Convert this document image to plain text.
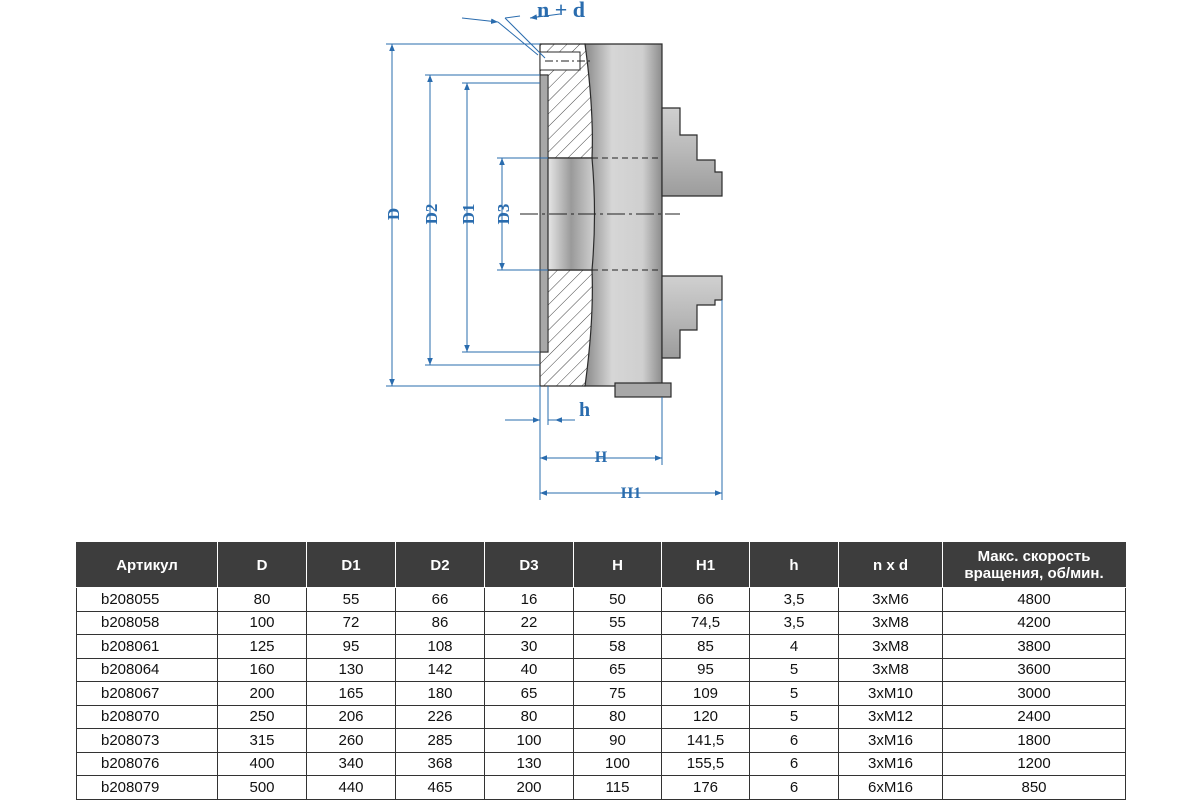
n + d
D D2 D1 D3
h
H
H1
Артикул	D	D1	D2	D3	H	H1	h	n x d	Макс. скорость вращения, об/мин.
b208055	80	55	66	16	50	66	3,5	3xM6	4800
b208058	100	72	86	22	55	74,5	3,5	3xM8	4200
b208061	125	95	108	30	58	85	4	3xM8	3800
b208064	160	130	142	40	65	95	5	3xM8	3600
b208067	200	165	180	65	75	109	5	3xM10	3000
b208070	250	206	226	80	80	120	5	3xM12	2400
b208073	315	260	285	100	90	141,5	6	3xM16	1800
b208076	400	340	368	130	100	155,5	6	3xM16	1200
b208079	500	440	465	200	115	176	6	6xM16	850
